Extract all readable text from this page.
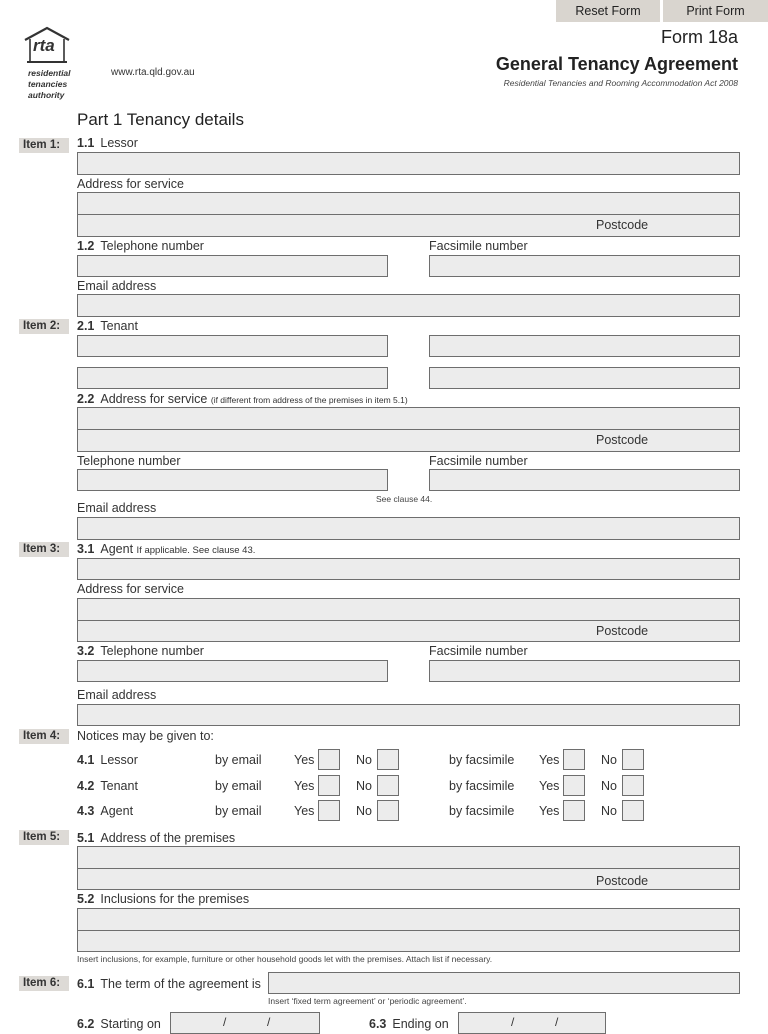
Reset Form	Print Form
rta
residential
tenancies
authority
www.rta.qld.gov.au
Form 18a
General Tenancy Agreement
Residential Tenancies and Rooming Accommodation Act 2008
Part 1 Tenancy details
Item 1:	1.1 Lessor
Address for service
Postcode
1.2 Telephone number	Facsimile number
Email address
Item 2:	2.1 Tenant
2.2 Address for service (if different from address of the premises in item 5.1)
Postcode
Telephone number	Facsimile number
See clause 44.
Email address
Item 3:	3.1 Agent If applicable. See clause 43.
Address for service
Postcode
3.2 Telephone number	Facsimile number
Email address
Item 4:	Notices may be given to:
4.1 Lessor	by email	Yes	No	by facsimile Yes	No
4.2 Tenant	by email	Yes	No	by facsimile Yes	No
4.3 Agent	by email	Yes	No	by facsimile Yes	No
Item 5:	5.1 Address of the premises
Postcode
5.2 Inclusions for the premises
Insert inclusions, for example, furniture or other household goods let with the premises. Attach list if necessary.
Item 6:	6.1 The term of the agreement is
Insert ‘fixed term agreement’ or ‘periodic agreement’.
6.2 Starting on	/	/	6.3 Ending on	/	/
